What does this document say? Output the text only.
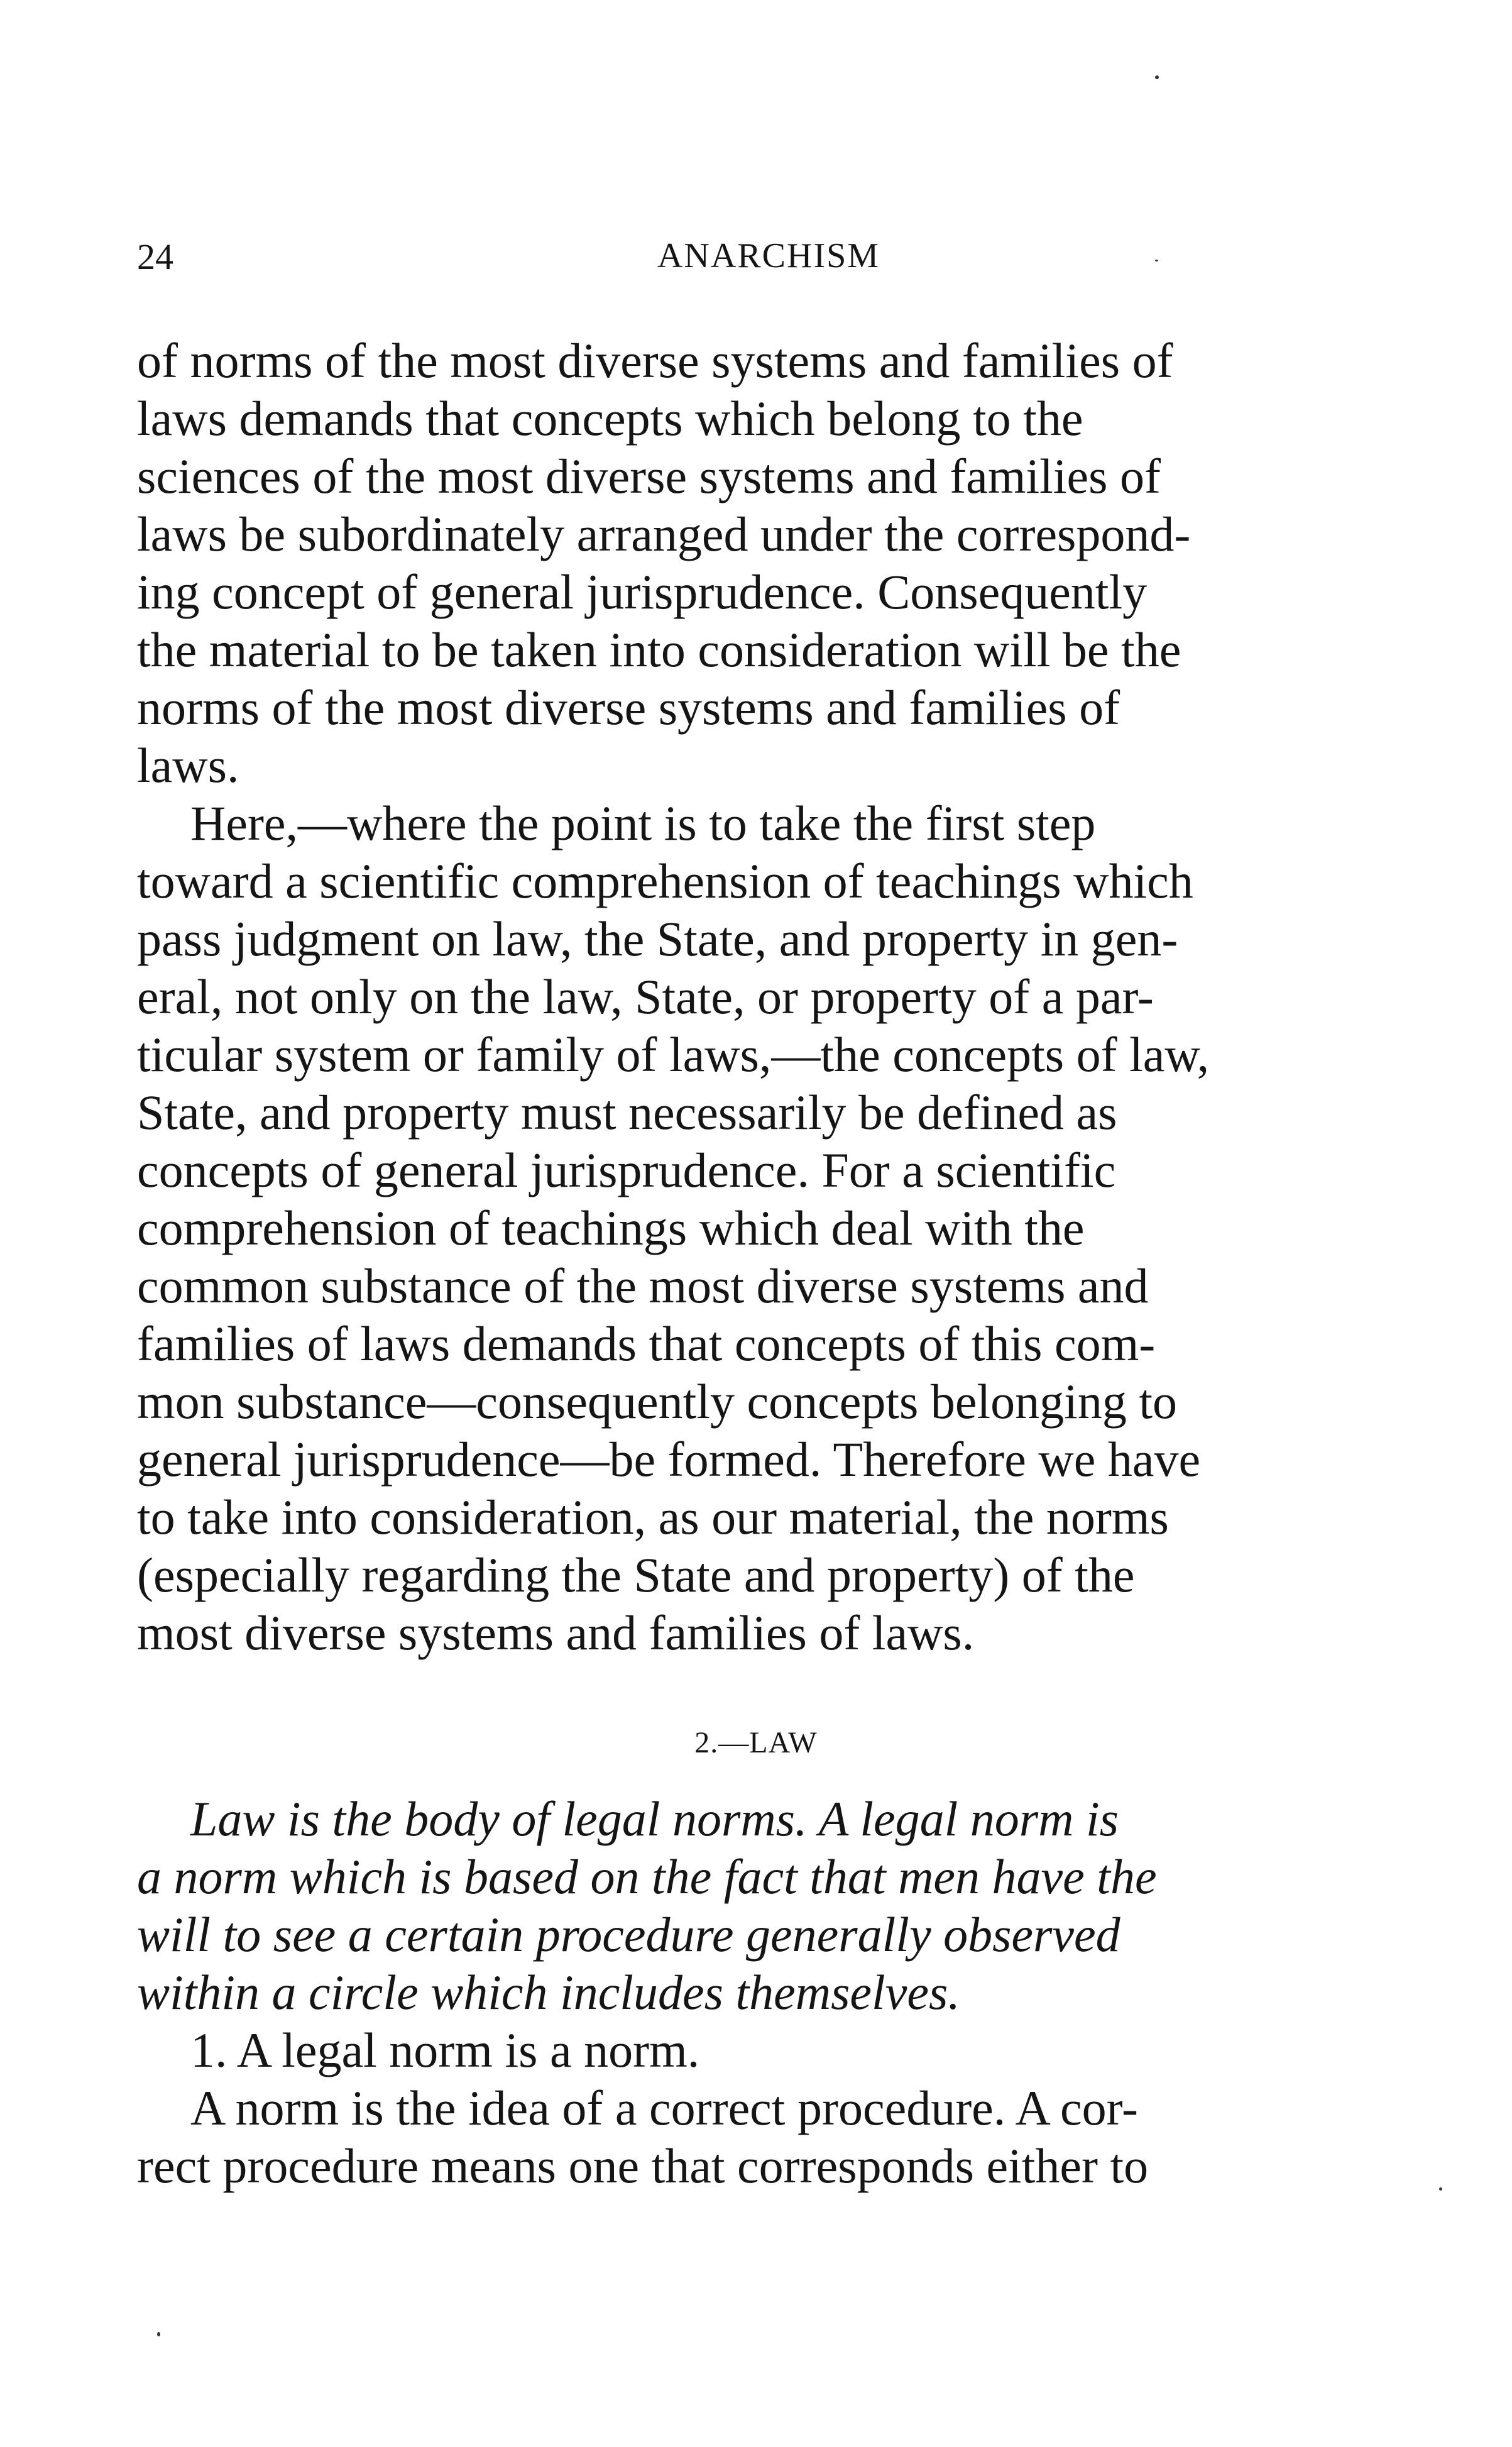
24	ANARCHISM
of norms of the most diverse systems and families of
laws demands that concepts which belong to the
sciences of the most diverse systems and families of
laws be subordinately arranged under the correspond-
ing concept of general jurisprudence. Consequently
the material to be taken into consideration will be the
norms of the most diverse systems and families of
laws.
Here,—where the point is to take the first step
toward a scientific comprehension of teachings which
pass judgment on law, the State, and property in gen-
eral, not only on the law, State, or property of a par-
ticular system or family of laws,—the concepts of law,
State, and property must necessarily be defined as
concepts of general jurisprudence. For a scientific
comprehension of teachings which deal with the
common substance of the most diverse systems and
families of laws demands that concepts of this com-
mon substance—consequently concepts belonging to
general jurisprudence—be formed. Therefore we have
to take into consideration, as our material, the norms
(especially regarding the State and property) of the
most diverse systems and families of laws.
2.—LAW
Law is the body of legal norms. A legal norm is
a norm which is based on the fact that men have the
will to see a certain procedure generally observed
within a circle which includes themselves.
1. A legal norm is a norm.
A norm is the idea of a correct procedure. A cor-
rect procedure means one that corresponds either to
